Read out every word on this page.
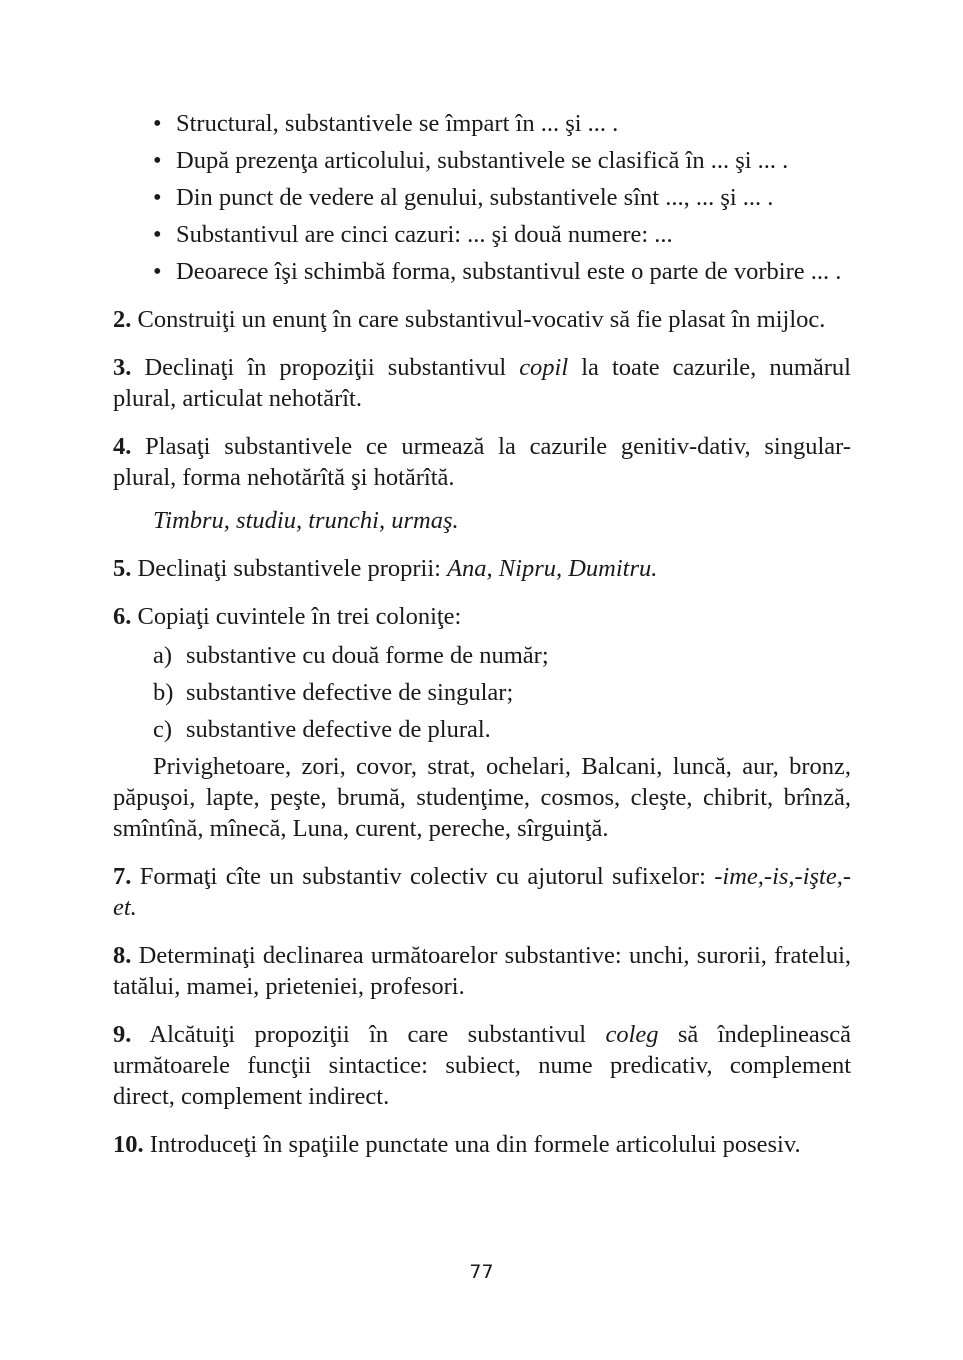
• Structural, substantivele se împart în ... şi ... .
• După prezenţa articolului, substantivele se clasifică în ... şi ... .
• Din punct de vedere al genului, substantivele sînt ..., ... şi ... .
• Substantivul are cinci cazuri: ... şi două numere: ...
• Deoarece îşi schimbă forma, substantivul este o parte de vorbire ... .

2. Construiţi un enunţ în care substantivul-vocativ să fie plasat în mijloc.

3. Declinaţi în propoziţii substantivul copil la toate cazurile, numărul plural, articulat nehotărît.

4. Plasaţi substantivele ce urmează la cazurile genitiv-dativ, singular-plural, forma nehotărîtă şi hotărîtă.

Timbru, studiu, trunchi, urmaş.

5. Declinaţi substantivele proprii: Ana, Nipru, Dumitru.

6. Copiaţi cuvintele în trei coloniţe:

a) substantive cu două forme de număr;
b) substantive defective de singular;
c) substantive defective de plural.

Privighetoare, zori, covor, strat, ochelari, Balcani, luncă, aur, bronz, păpuşoi, lapte, peşte, brumă, studenţime, cosmos, cleşte, chibrit, brînză, smîntînă, mînecă, Luna, curent, pereche, sîrguinţă.

7. Formaţi cîte un substantiv colectiv cu ajutorul sufixelor: -ime,-is,-işte,-et.

8. Determinaţi declinarea următoarelor substantive: unchi, surorii, fratelui, tatălui, mamei, prieteniei, profesori.

9. Alcătuiţi propoziţii în care substantivul coleg să îndeplinească următoarele funcţii sintactice: subiect, nume predicativ, complement direct, complement indirect.

10. Introduceţi în spaţiile punctate una din formele articolului posesiv.

77
